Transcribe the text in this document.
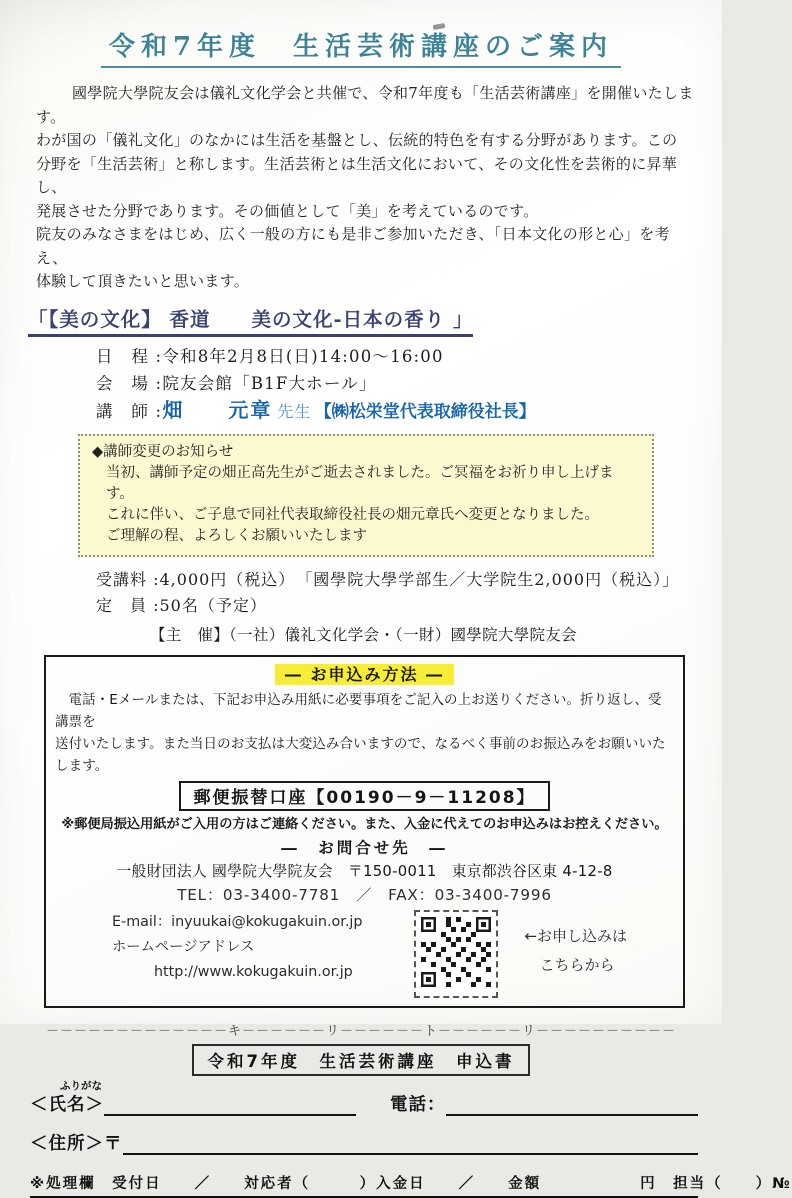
令和7年度　生活芸術講座のご案内
國學院大學院友会は儀礼文化学会と共催で、令和7年度も「生活芸術講座」を開催いたします。
わが国の「儀礼文化」のなかには生活を基盤とし、伝統的特色を有する分野があります。この
分野を「生活芸術」と称します。生活芸術とは生活文化において、その文化性を芸術的に昇華し、
発展させた分野であります。その価値として「美」を考えているのです。
院友のみなさまをはじめ、広く一般の方にも是非ご参加いただき、「日本文化の形と心」を考え、
体験して頂きたいと思います。
「【美の文化】 香道　　美の文化-日本の香り 」
日　程 :令和8年2月8日(日)14:00～16:00
会　場 :院友会館「B1F大ホール」
講　師 :畑　　元章 先生 【㈱松栄堂代表取締役社長】
◆講師変更のお知らせ
当初、講師予定の畑正高先生がご逝去されました。ご冥福をお祈り申し上げます。
これに伴い、ご子息で同社代表取締役社長の畑元章氏へ変更となりました。
ご理解の程、よろしくお願いいたします
受講料 :4,000円（税込）　「國學院大學学部生／大学院生2,000円（税込）」
定　員 :50名（予定）
【主　催】（一社）儀礼文化学会・（一財）國學院大學院友会
― お申込み方法 ―
電話・Eメールまたは、下記お申込み用紙に必要事項をご記入の上お送りください。折り返し、受講票を
送付いたします。また当日のお支払は大変込み合いますので、なるべく事前のお振込みをお願いいたします。
郵便振替口座【00190－9－11208】
※郵便局振込用紙がご入用の方はご連絡ください。また、入金に代えてのお申込みはお控えください。
―　お問合せ先　―
一般財団法人 國學院大學院友会　〒150-0011　東京都渋谷区東 4-12-8
TEL：03-3400-7781　／　FAX：03-3400-7996
E-mail：inyuukai@kokugakuin.or.jp
ホームページアドレス
http://www.kokugakuin.or.jp
←お申し込みは
こちらから
－－－－－－－－－－－－－キ－－－－－－リ－－－－－－ト－－－－－－リ－－－－－－－－－－
令和7年度　生活芸術講座　申込書
ふりがな
＜氏名＞	電話：
＜住所＞〒
※処理欄　受付日　　／　　対応者（　　　）入金日　　／　　金額　　　　　　円　担当（　　）№
